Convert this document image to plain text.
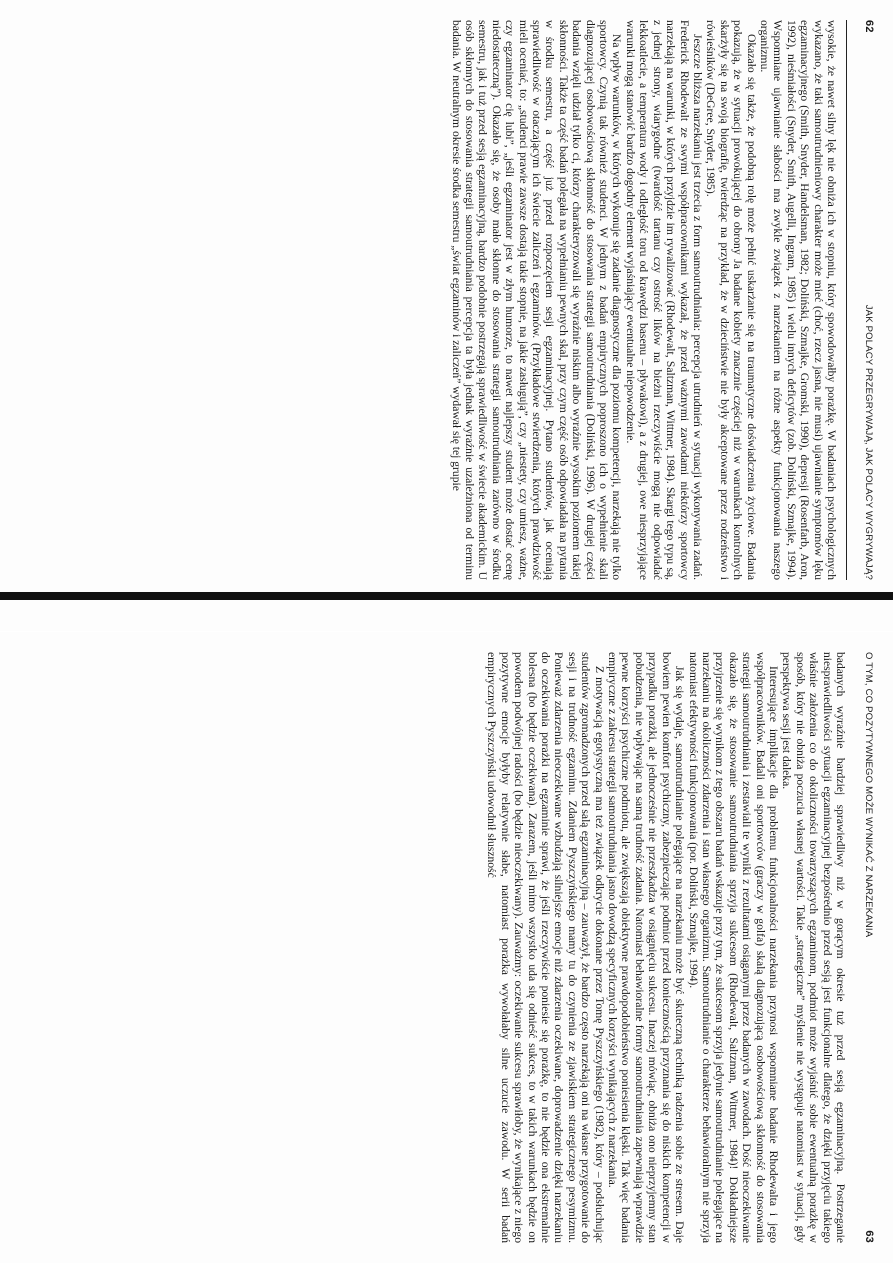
62
JAK POLACY PRZEGRYWAJĄ, JAK POLACY WYGRYWAJĄ?

wysokie, że nawet silny lęk nie obniża ich w stopniu, który spowodowałby porażkę. W badaniach psychologicznych wykazano, że taki samoutrudnieniowy charakter może mieć (choć, rzecz jasna, nie musi) ujawnianie symptomów lęku egzaminacyjnego (Smith, Snyder, Handelsman, 1982; Doliński, Szmajke, Gromski, 1990), depresji (Rosenfarb, Aron, 1992), nieśmiałości (Snyder, Smith, Augelli, Ingram, 1985) i wielu innych deficytów (zob. Doliński, Szmajke, 1994). Wspomniane ujawnianie słabości ma zwykle związek z narzekaniem na różne aspekty funkcjonowania naszego organizmu.

Okazało się także, że podobną rolę może pełnić uskarżanie się na traumatyczne doświadczenia życiowe. Badania pokazują, że w sytuacji prowokującej do obrony Ja badane kobiety znacznie częściej niż w warunkach kontrolnych skarżyły się na swoją biografię, twierdząc na przykład, że w dzieciństwie nie były akceptowane przez rodzeństwo i rówieśników (DeGree, Snyder, 1985).

Jeszcze bliższa narzekaniu jest trzecia z form samoutrudniania: percepcja utrudnień w sytuacji wykonywania zadań. Frederick Rhodewalt ze swymi współpracownikami wykazał, że przed ważnymi zawodami niektórzy sportowcy narzekają na warunki, w których przyjdzie im rywalizować (Rhodewalt, Saltzman, Wittmer, 1984). Skargi tego typu są, z jednej strony, wiarygodne (twardość tartanu czy ostrość lików na bieżni rzeczywiście mogą nie odpowiadać lekkoatlecie, a temperatura wody i odległość toru od krawędzi basenu – pływakowi), a z drugiej, owe niesprzyjające warunki mogą stanowić bardzo dogodny element wyjaśniający ewentualne niepowodzenie.

Na wpływ warunków, w których wykonuje się zadanie diagnostyczne dla poziomu kompetencji, narzekają nie tylko sportowcy. Czynią tak również studenci. W jednym z badań empirycznych poproszono ich o wypełnienie skali diagnozującej osobowościową skłonność do stosowania strategii samoutrudniania (Doliński, 1996). W drugiej części badania wzięli udział tylko ci, którzy charakteryzowali się wyraźnie niskim albo wyraźnie wysokim poziomem takiej skłonności. Także ta część badań polegała na wypełnianiu pewnych skal, przy czym część osób odpowiadała na pytania w środku semestru, a część już przed rozpoczęciem sesji egzaminacyjnej. Pytano studentów, jak oceniają sprawiedliwość w otaczającym ich świecie zaliczeń i egzaminów. (Przykładowe stwierdzenia, których prawdziwość mieli oceniać, to: „studenci prawie zawsze dostają takie stopnie, na jakie zasługują”, czy „niestety, czy umiesz, ważne, czy egzaminator cię lubi”, „jeśli egzaminator jest w złym humorze, to nawet najlepszy student może dostać ocenę niedostateczną”). Okazało się, że osoby mało skłonne do stosowania strategii samoutrudniania zarówno w środku semestru, jak i tuż przed sesją egzaminacyjną, bardzo podobnie postrzegają sprawiedliwość w świecie akademickim. U osób skłonnych do stosowania strategii samoutrudniania percepcja ta była jednak wyraźnie uzależniona od terminu badania. W neutralnym okresie środka semestru „świat egzaminów i zaliczeń” wydawał się tej grupie

O TYM, CO POZYTYWNEGO MOŻE WYNIKAĆ Z NARZEKANIA
63

badanych wyraźnie bardziej sprawiedliwy niż w gorącym okresie tuż przed sesją egzaminacyjną. Postrzeganie niesprawiedliwości sytuacji egzaminacyjnej bezpośrednio przed sesją jest funkcjonalne dlatego, że dzięki przyjęciu takiego właśnie założenia co do okoliczności towarzyszących egzaminom, podmiot może wyjaśnić sobie ewentualną porażkę w sposób, który nie obniża poczucia własnej wartości. Takie „strategiczne” myślenie nie występuje natomiast w sytuacji, gdy perspektywa sesji jest daleka.

Interesujące implikacje dla problemu funkcjonalności narzekania przynosi wspomniane badanie Rhodewalta i jego współpracowników. Badali oni sportowców (graczy w golfa) skalą diagnozującą osobowościową skłonność do stosowania strategii samoutrudniania i zestawiali te wyniki z rezultatami osiąganymi przez badanych w zawodach. Dość nieoczekiwanie okazało się, że stosowanie samoutrudniania sprzyja sukcesom (Rhodewalt, Saltzman, Wittmer, 1984)! Dokładniejsze przyjrzenie się wynikom z tego obszaru badań wskazuje przy tym, że sukcesom sprzyja jedynie samoutrudnianie polegające na narzekaniu na okoliczności zdarzenia i stan własnego organizmu. Samoutrudnianie o charakterze behawioralnym nie sprzyja natomiast efektywności funkcjonowania (por. Doliński, Szmajke, 1994).

Jak się wydaje, samoutrudnianie polegające na narzekaniu może być skuteczną techniką radzenia sobie ze stresem. Daje bowiem pewien komfort psychiczny, zabezpieczając podmiot przed koniecznością przyznania się do niskich kompetencji w przypadku porażki, ale jednocześnie nie przeszkadza w osiągnięciu sukcesu. Inaczej mówiąc, obniża ono nieprzyjemny stan pobudzenia, nie wpływając na samą trudność zadania. Natomiast behawioralne formy samoutrudniania zapewniają wprawdzie pewne korzyści psychiczne podmiotu, ale zwiększają obiektywne prawdopodobieństwo poniesienia klęski. Tak więc badania empiryczne z zakresu strategii samoutrudniania jasno dowodzą specyficznych korzyści wynikających z narzekania.

Z motywacją egotystyczną ma też związek odkrycie dokonane przez Tomę Pyszczyńskiego (1982), który – podsłuchując studentów zgromadzonych przed salą egzaminacyjną – zauważył, że bardzo często narzekają oni na własne przygotowanie do sesji i na trudność egzaminu. Zdaniem Pyszczyńskiego mamy tu do czynienia ze zjawiskiem strategicznego pesymizmu. Ponieważ zdarzenia nieoczekiwane wzbudzają silniejsze emocje niż zdarzenia oczekiwane, doprowadzenie dzięki narzekaniu do oczekiwania porażki na egzaminie sprawi, że jeśli rzeczywiście poniesie się porażkę, to nie będzie ona ekstremalnie bolesna (bo będzie oczekiwana). Zarazem, jeśli mimo wszystko uda się odnieść sukces, to w takich warunkach będzie on powodem podwójnej radości (bo będzie nieoczekiwany). Zauważmy: oczekiwanie sukcesu sprawiłoby, że wynikające z niego pozytywne emocje byłyby relatywnie słabe, natomiast porażka wywołałaby silne uczucie zawodu. W serii badań empirycznych Pyszczyński udowodnił słuszność
